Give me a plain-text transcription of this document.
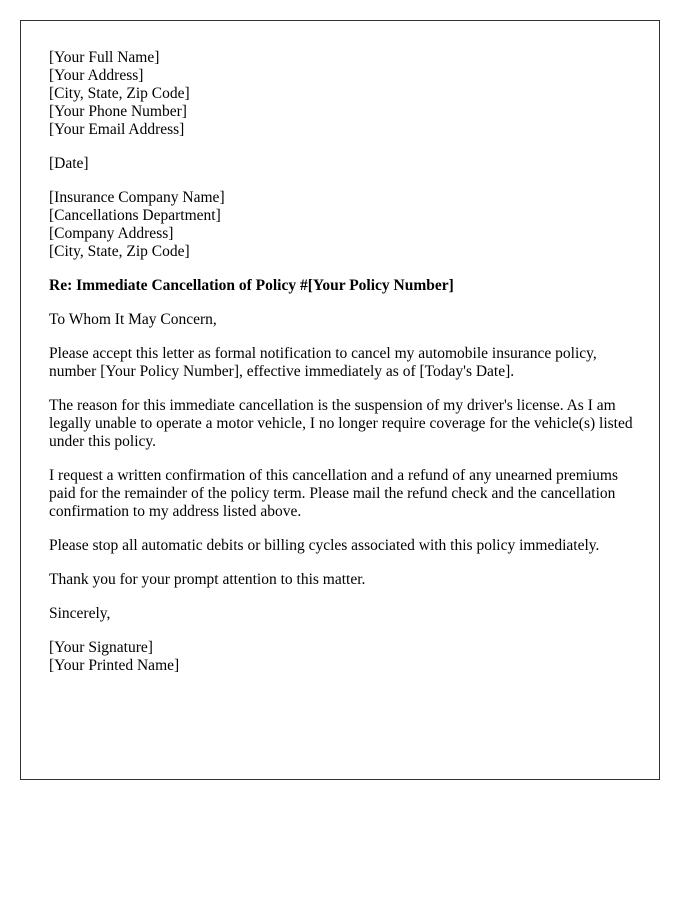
[Your Full Name]
[Your Address]
[City, State, Zip Code]
[Your Phone Number]
[Your Email Address]
[Date]
[Insurance Company Name]
[Cancellations Department]
[Company Address]
[City, State, Zip Code]

Re: Immediate Cancellation of Policy #[Your Policy Number]

To Whom It May Concern,

Please accept this letter as formal notification to cancel my automobile insurance policy, number [Your Policy Number], effective immediately as of [Today's Date].

The reason for this immediate cancellation is the suspension of my driver's license. As I am legally unable to operate a motor vehicle, I no longer require coverage for the vehicle(s) listed under this policy.

I request a written confirmation of this cancellation and a refund of any unearned premiums paid for the remainder of the policy term. Please mail the refund check and the cancellation confirmation to my address listed above.

Please stop all automatic debits or billing cycles associated with this policy immediately.

Thank you for your prompt attention to this matter.

Sincerely,

[Your Signature]
[Your Printed Name]
